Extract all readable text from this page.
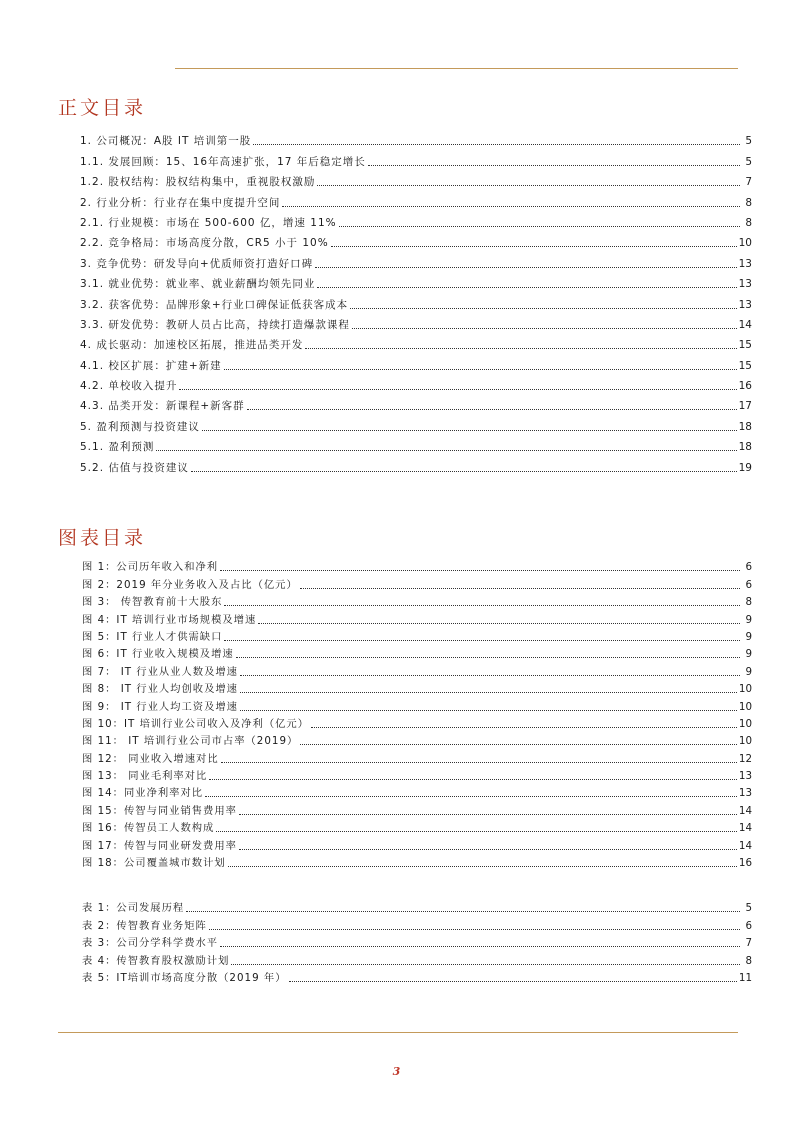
正文目录
1. 公司概况：A股 IT 培训第一股	5
1.1. 发展回顾：15、16年高速扩张，17 年后稳定增长	5
1.2. 股权结构：股权结构集中，重视股权激励	7
2. 行业分析：行业存在集中度提升空间	8
2.1. 行业规模：市场在 500-600 亿，增速 11%	8
2.2. 竞争格局：市场高度分散，CR5 小于 10%	10
3. 竞争优势：研发导向+优质师资打造好口碑	13
3.1. 就业优势：就业率、就业薪酬均领先同业	13
3.2. 获客优势：品牌形象+行业口碑保证低获客成本	13
3.3. 研发优势：教研人员占比高，持续打造爆款课程	14
4. 成长驱动：加速校区拓展，推进品类开发	15
4.1. 校区扩展：扩建+新建	15
4.2. 单校收入提升	16
4.3. 品类开发：新课程+新客群	17
5. 盈利预测与投资建议	18
5.1. 盈利预测	18
5.2. 估值与投资建议	19
图表目录
图 1：公司历年收入和净利	6
图 2：2019 年分业务收入及占比（亿元）	6
图 3： 传智教育前十大股东	8
图 4：IT 培训行业市场规模及增速	9
图 5：IT 行业人才供需缺口	9
图 6：IT 行业收入规模及增速	9
图 7： IT 行业从业人数及增速	9
图 8： IT 行业人均创收及增速	10
图 9： IT 行业人均工资及增速	10
图 10：IT 培训行业公司收入及净利（亿元）	10
图 11： IT 培训行业公司市占率（2019）	10
图 12： 同业收入增速对比	12
图 13： 同业毛利率对比	13
图 14：同业净利率对比	13
图 15：传智与同业销售费用率	14
图 16：传智员工人数构成	14
图 17：传智与同业研发费用率	14
图 18：公司覆盖城市数计划	16
表 1：公司发展历程	5
表 2：传智教育业务矩阵	6
表 3：公司分学科学费水平	7
表 4：传智教育股权激励计划	8
表 5：IT培训市场高度分散（2019 年）	11
3
